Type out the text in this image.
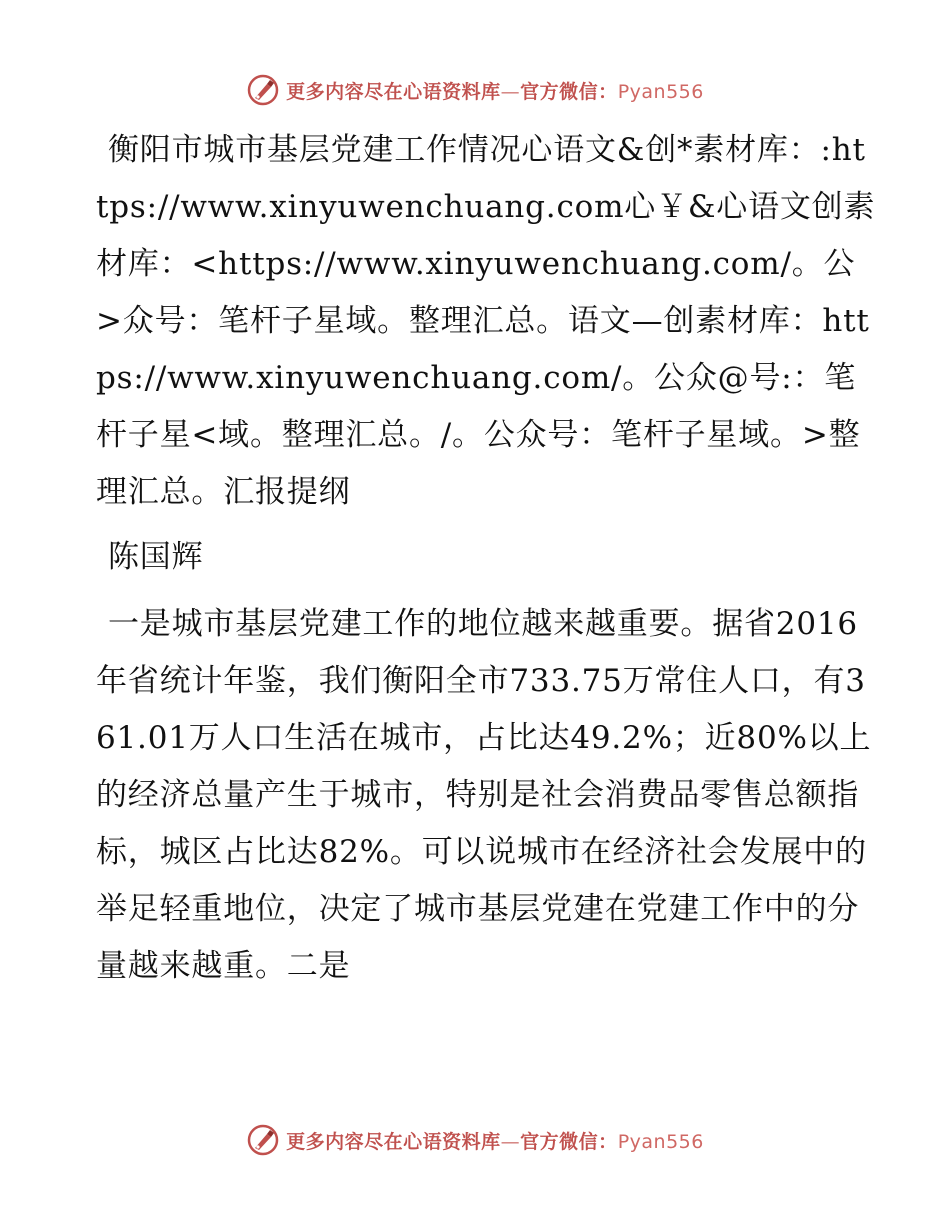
更多内容尽在心语资料库—官方微信：Pyan556

衡阳市城市基层党建工作情况心语文&创*素材库：:https://www.xinyuwenchuang.com心￥&心语文创素材库：<https://www.xinyuwenchuang.com/。公>众号：笔杆子星域。整理汇总。语文—创素材库：https://www.xinyuwenchuang.com/。公众@号:：笔杆子星<域。整理汇总。/。公众号：笔杆子星域。>整理汇总。汇报提纲

陈国辉

一是城市基层党建工作的地位越来越重要。据省2016年省统计年鉴，我们衡阳全市733.75万常住人口，有361.01万人口生活在城市，占比达49.2%；近80%以上的经济总量产生于城市，特别是社会消费品零售总额指标，城区占比达82%。可以说城市在经济社会发展中的举足轻重地位，决定了城市基层党建在党建工作中的分量越来越重。二是

更多内容尽在心语资料库—官方微信：Pyan556
